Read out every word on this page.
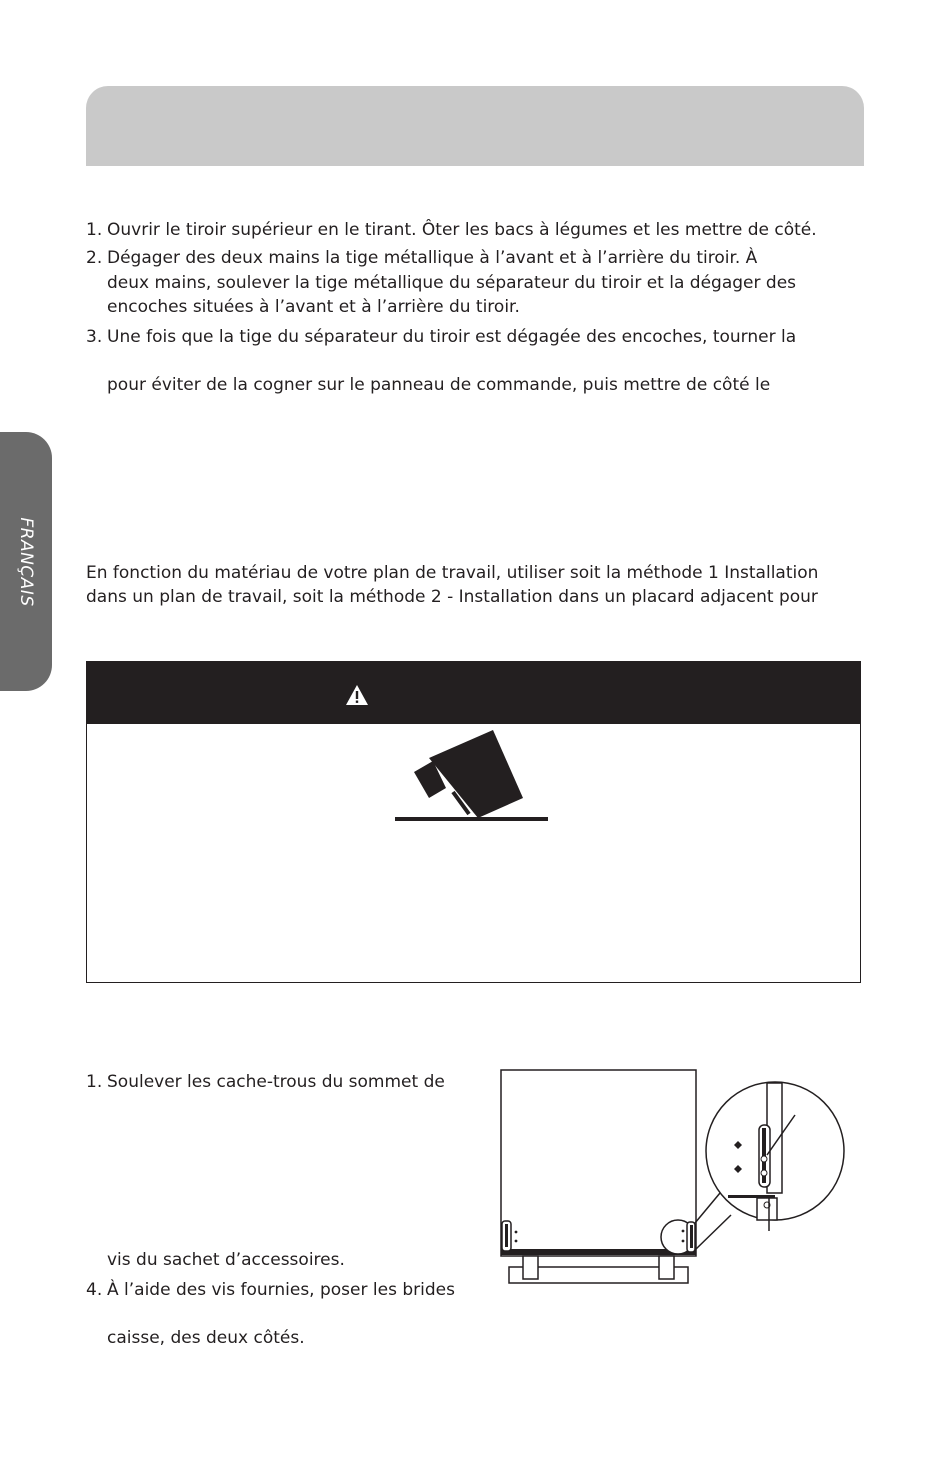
FRANÇAIS
1. Ouvrir le tiroir supérieur en le tirant. Ôter les bacs à légumes et les mettre de côté.
2. Dégager des deux mains la tige métallique à l’avant et à l’arrière du tiroir. À
deux mains, soulever la tige métallique du séparateur du tiroir et la dégager des
encoches situées à l’avant et à l’arrière du tiroir.
3. Une fois que la tige du séparateur du tiroir est dégagée des encoches, tourner la
pour éviter de la cogner sur le panneau de commande, puis mettre de côté le
En fonction du matériau de votre plan de travail, utiliser soit la méthode 1 Installation
dans un plan de travail, soit la méthode 2 - Installation dans un placard adjacent pour
1. Soulever les cache-trous du sommet de
vis du sachet d’accessoires.
4. À l’aide des vis fournies, poser les brides
caisse, des deux côtés.
